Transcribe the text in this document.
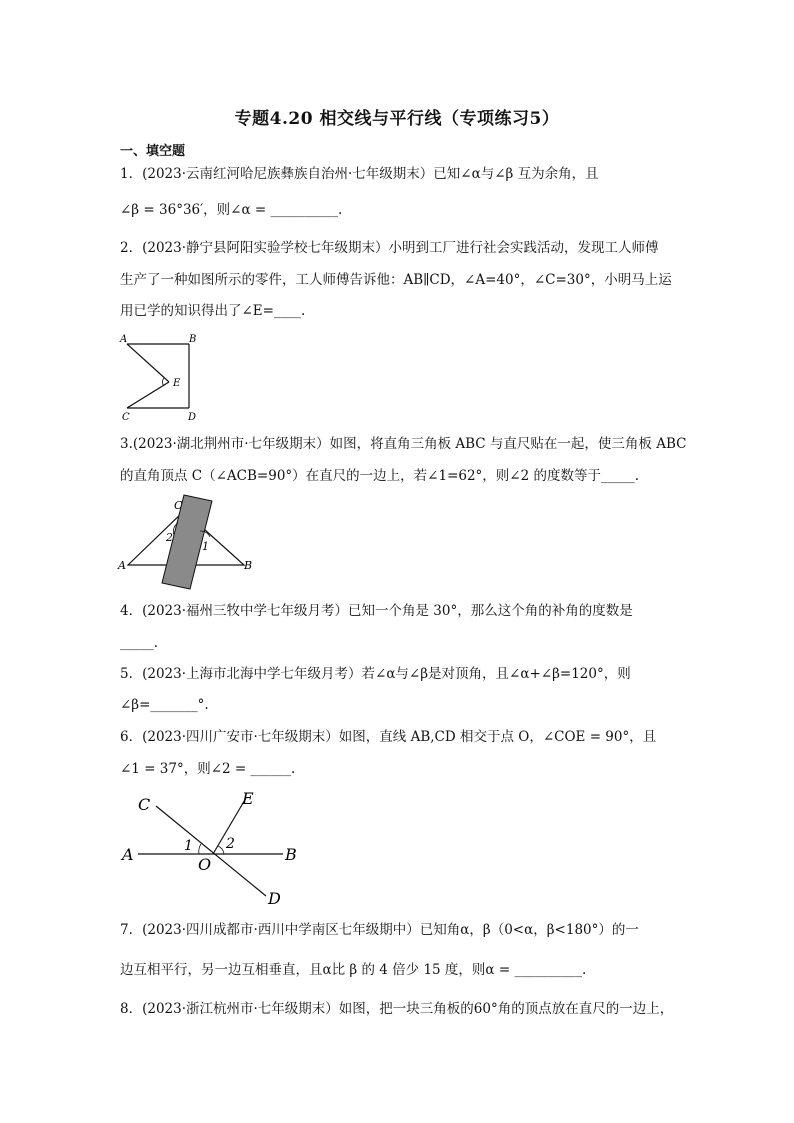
专题4.20 相交线与平行线（专项练习5）
一、填空题
1．(2023·云南红河哈尼族彝族自治州·七年级期末）已知∠α与∠β 互为余角，且
∠β = 36°36′，则∠α = __________.
2．(2023·静宁县阿阳实验学校七年级期末）小明到工厂进行社会实践活动，发现工人师傅
生产了一种如图所示的零件，工人师傅告诉他：AB∥CD，∠A=40°，∠C=30°，小明马上运
用已学的知识得出了∠E=____.
A	B
C	D
E
3.(2023·湖北荆州市·七年级期末）如图，将直角三角板 ABC 与直尺贴在一起，使三角板 ABC
的直角顶点 C（∠ACB=90°）在直尺的一边上，若∠1=62°，则∠2 的度数等于_____.
A	B
C
2
1
4．(2023·福州三牧中学七年级月考）已知一个角是 30°，那么这个角的补角的度数是
_____.
5．(2023·上海市北海中学七年级月考）若∠α与∠β是对顶角，且∠α+∠β=120°，则
∠β=_______°.
6．(2023·四川广安市·七年级期末）如图，直线 AB,CD 相交于点 O，∠COE = 90°，且
∠1 = 37°，则∠2 = ______.
A	B
C
D
E
O
1 2
7．(2023·四川成都市·西川中学南区七年级期中）已知角α，β（0<α，β<180°）的一
边互相平行，另一边互相垂直，且α比 β 的 4 倍少 15 度，则α = __________.
8．(2023·浙江杭州市·七年级期末）如图，把一块三角板的60°角的顶点放在直尺的一边上，
